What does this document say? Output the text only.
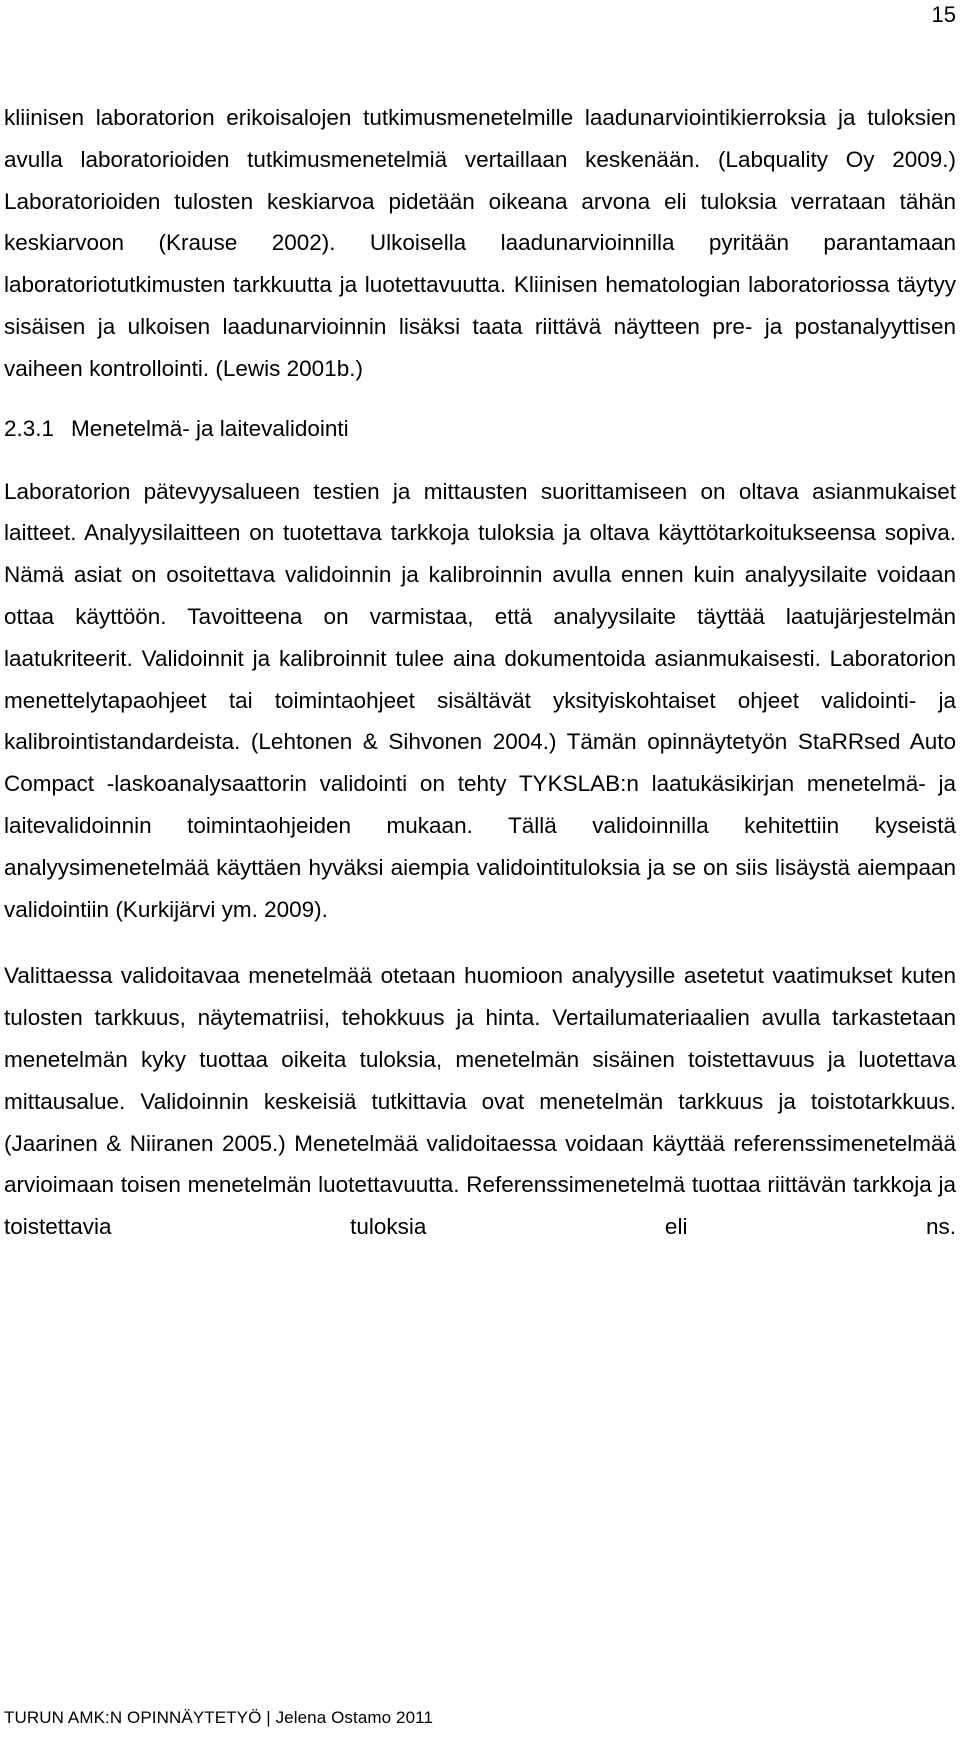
15

kliinisen laboratorion erikoisalojen tutkimusmenetelmille laadunarviointikierroksia ja tuloksien avulla laboratorioiden tutkimusmenetelmiä vertaillaan keskenään. (Labquality Oy 2009.) Laboratorioiden tulosten keskiarvoa pidetään oikeana arvona eli tuloksia verrataan tähän keskiarvoon (Krause 2002). Ulkoisella laadunarvioinnilla pyritään parantamaan laboratoriotutkimusten tarkkuutta ja luotettavuutta. Kliinisen hematologian laboratoriossa täytyy sisäisen ja ulkoisen laadunarvioinnin lisäksi taata riittävä näytteen pre- ja postanalyyttisen vaiheen kontrollointi. (Lewis 2001b.)

2.3.1 Menetelmä- ja laitevalidointi

Laboratorion pätevyysalueen testien ja mittausten suorittamiseen on oltava asianmukaiset laitteet. Analyysilaitteen on tuotettava tarkkoja tuloksia ja oltava käyttötarkoitukseensa sopiva. Nämä asiat on osoitettava validoinnin ja kalibroinnin avulla ennen kuin analyysilaite voidaan ottaa käyttöön. Tavoitteena on varmistaa, että analyysilaite täyttää laatujärjestelmän laatukriteerit. Validoinnit ja kalibroinnit tulee aina dokumentoida asianmukaisesti. Laboratorion menettelytapaohjeet tai toimintaohjeet sisältävät yksityiskohtaiset ohjeet validointi- ja kalibrointistandardeista. (Lehtonen & Sihvonen 2004.) Tämän opinnäytetyön StaRRsed Auto Compact -laskoanalysaattorin validointi on tehty TYKSLAB:n laatukäsikirjan menetelmä- ja laitevalidoinnin toimintaohjeiden mukaan. Tällä validoinnilla kehitettiin kyseistä analyysimenetelmää käyttäen hyväksi aiempia validointituloksia ja se on siis lisäystä aiempaan validointiin (Kurkijärvi ym. 2009).

Valittaessa validoitavaa menetelmää otetaan huomioon analyysille asetetut vaatimukset kuten tulosten tarkkuus, näytematriisi, tehokkuus ja hinta. Vertailumateriaalien avulla tarkastetaan menetelmän kyky tuottaa oikeita tuloksia, menetelmän sisäinen toistettavuus ja luotettava mittausalue. Validoinnin keskeisiä tutkittavia ovat menetelmän tarkkuus ja toistotarkkuus. (Jaarinen & Niiranen 2005.) Menetelmää validoitaessa voidaan käyttää referenssimenetelmää arvioimaan toisen menetelmän luotettavuutta. Referenssimenetelmä tuottaa riittävän tarkkoja ja toistettavia tuloksia eli ns.

TURUN AMK:N OPINNÄYTETYÖ | Jelena Ostamo 2011
